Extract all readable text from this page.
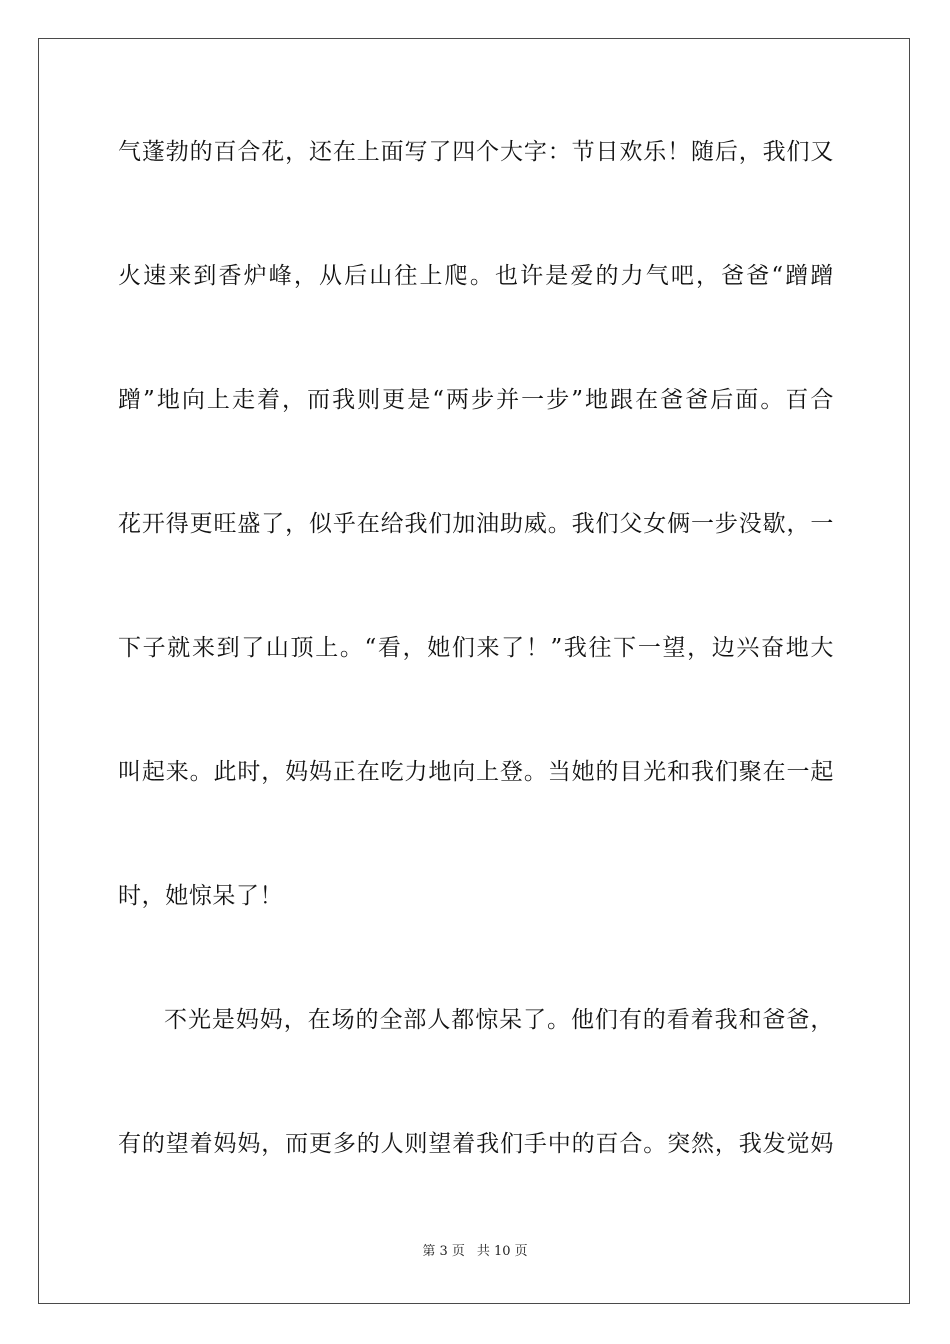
气蓬勃的百合花，还在上面写了四个大字：节日欢乐！随后，我们又
火速来到香炉峰，从后山往上爬。也许是爱的力气吧，爸爸“蹭蹭
蹭”地向上走着，而我则更是“两步并一步”地跟在爸爸后面。百合
花开得更旺盛了，似乎在给我们加油助威。我们父女俩一步没歇，一
下子就来到了山顶上。“看，她们来了！”我往下一望，边兴奋地大
叫起来。此时，妈妈正在吃力地向上登。当她的目光和我们聚在一起
时，她惊呆了！
不光是妈妈，在场的全部人都惊呆了。他们有的看着我和爸爸，
有的望着妈妈，而更多的人则望着我们手中的百合。突然，我发觉妈
第 3 页 共 10 页
